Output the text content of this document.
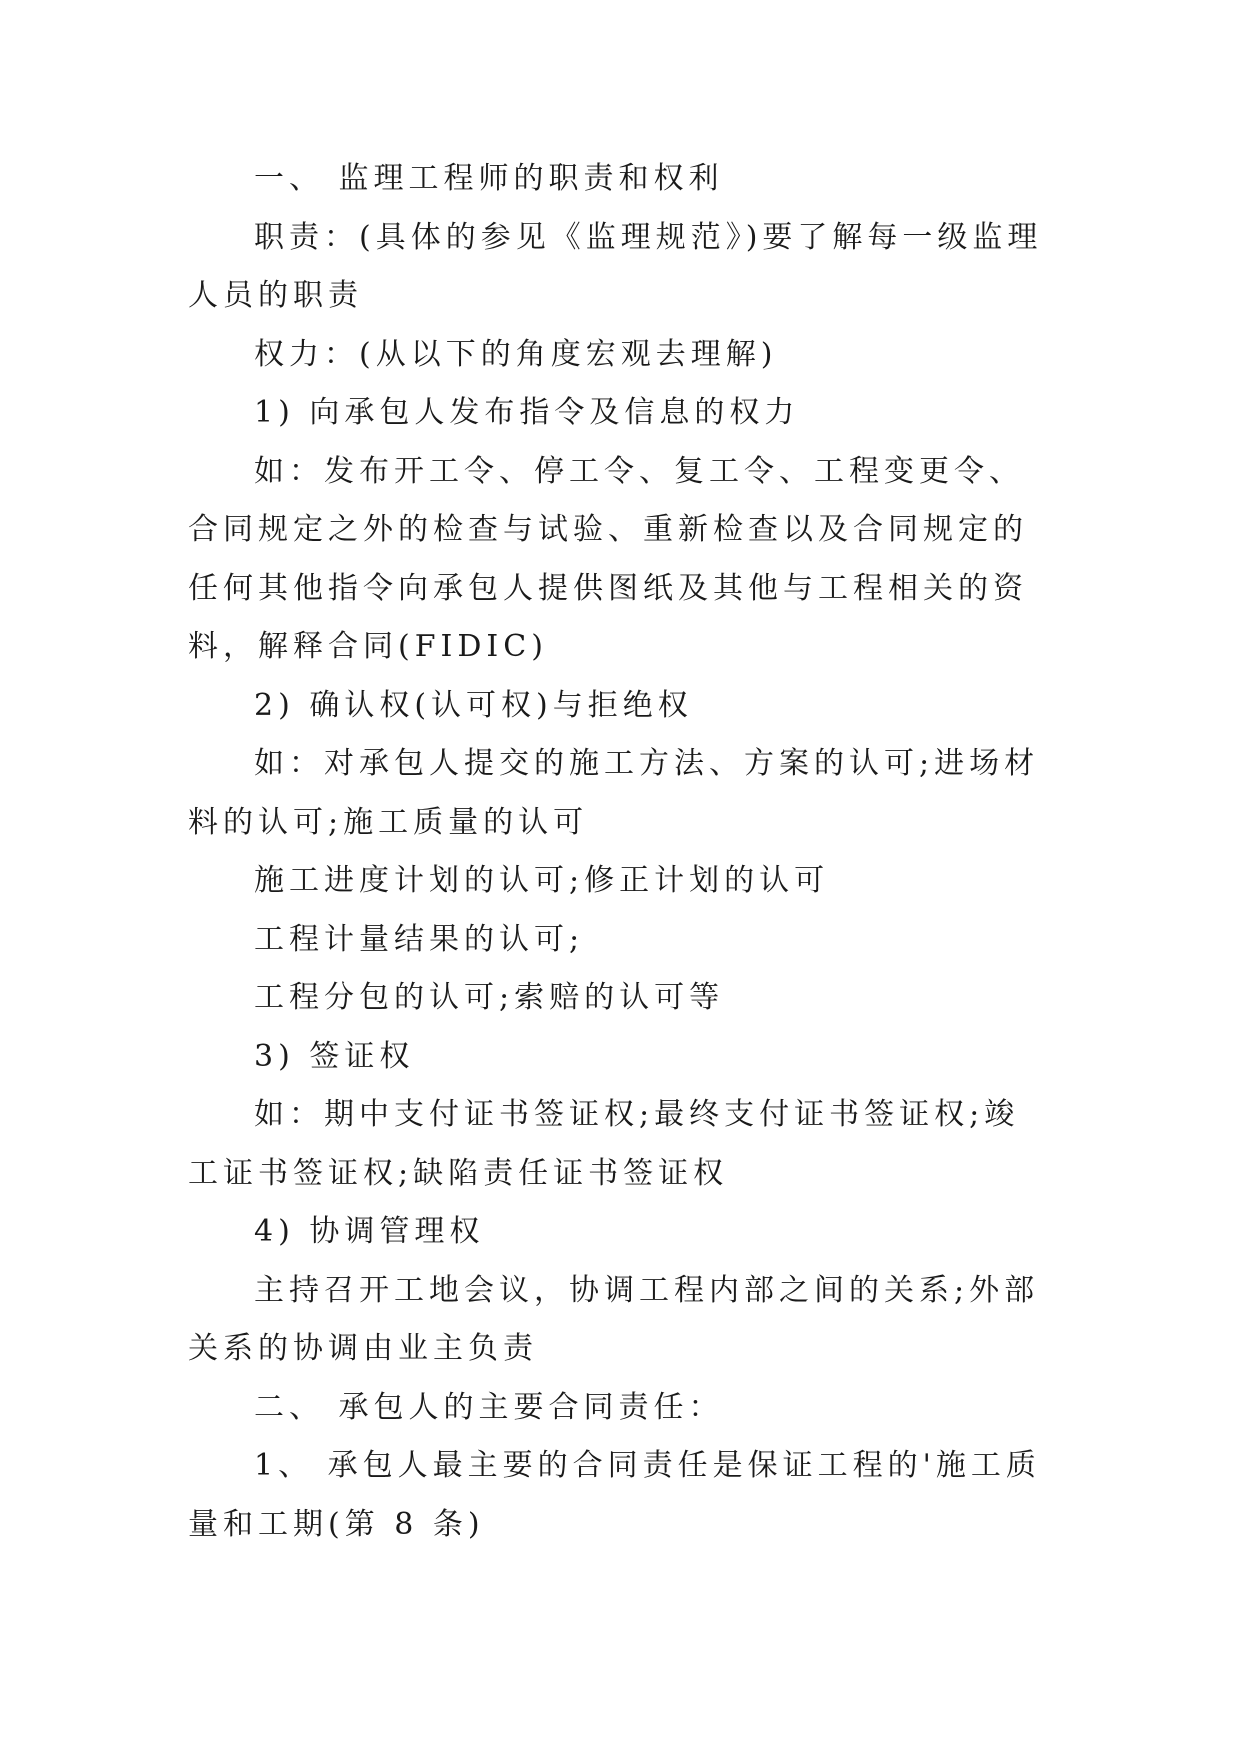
一、 监理工程师的职责和权利

职责：(具体的参见《监理规范》)要了解每一级监理人员的职责

权力：(从以下的角度宏观去理解)

1) 向承包人发布指令及信息的权力

如：发布开工令、停工令、复工令、工程变更令、合同规定之外的检查与试验、重新检查以及合同规定的任何其他指令向承包人提供图纸及其他与工程相关的资料，解释合同(FIDIC)

2) 确认权(认可权)与拒绝权

如：对承包人提交的施工方法、方案的认可;进场材料的认可;施工质量的认可

施工进度计划的认可;修正计划的认可

工程计量结果的认可;

工程分包的认可;索赔的认可等

3) 签证权

如：期中支付证书签证权;最终支付证书签证权;竣工证书签证权;缺陷责任证书签证权

4) 协调管理权

主持召开工地会议，协调工程内部之间的关系;外部关系的协调由业主负责

二、 承包人的主要合同责任：

1、 承包人最主要的合同责任是保证工程的'施工质量和工期(第 8 条)
